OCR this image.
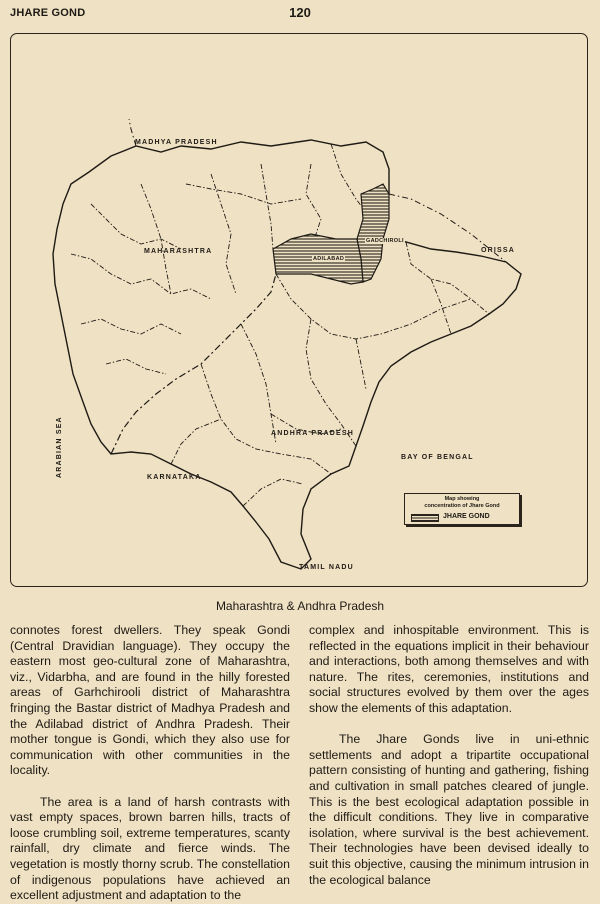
JHARE GOND	120
MADHYA PRADESH
MAHARASHTRA	ORISSA
ARABIAN SEA	ANDHRA PRADESH
BAY OF BENGAL
KARNATAKA
TAMIL NADU
GADCHIROLI
ADILABAD
Map showing
concentration of Jhare Gond
JHARE GOND
Maharashtra & Andhra Pradesh

connotes forest dwellers. They speak Gondi (Central Dravidian language). They occupy the eastern most geo-cultural zone of Maharashtra, viz., Vidarbha, and are found in the hilly forested areas of Garhchirooli district of Maharashtra fringing the Bastar district of Madhya Pradesh and the Adilabad district of Andhra Pradesh. Their mother tongue is Gondi, which they also use for communication with other communities in the locality.

The area is a land of harsh contrasts with vast empty spaces, brown barren hills, tracts of loose crumbling soil, extreme temperatures, scanty rainfall, dry climate and fierce winds. The vegetation is mostly thorny scrub. The constellation of indigenous populations have achieved an excellent adjustment and adaptation to the

complex and inhospitable environment. This is reflected in the equations implicit in their behaviour and interactions, both among themselves and with nature. The rites, ceremonies, institutions and social structures evolved by them over the ages show the elements of this adaptation.

The Jhare Gonds live in uni-ethnic settlements and adopt a tripartite occupational pattern consisting of hunting and gathering, fishing and cultivation in small patches cleared of jungle. This is the best ecological adaptation possible in the difficult conditions. They live in comparative isolation, where survival is the best achievement. Their technologies have been devised ideally to suit this objective, causing the minimum intrusion in the ecological balance
